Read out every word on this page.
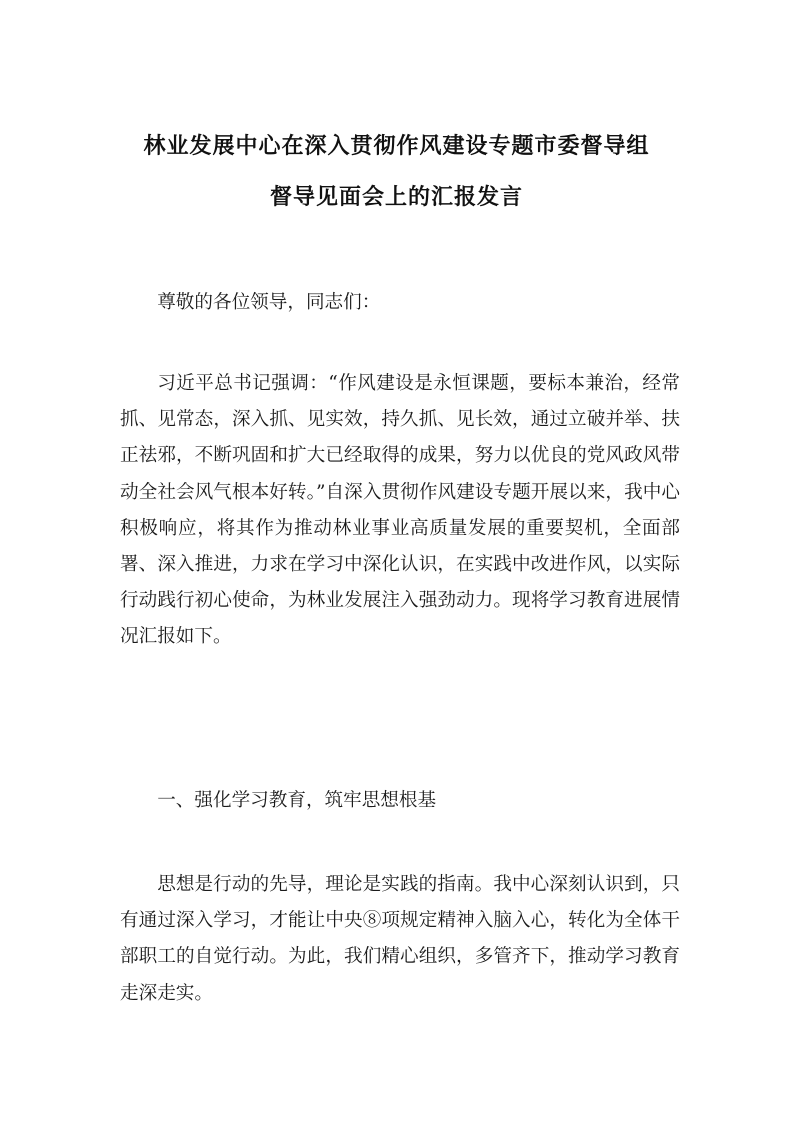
林业发展中心在深入贯彻作风建设专题市委督导组
督导见面会上的汇报发言

尊敬的各位领导，同志们：

习近平总书记强调：“作风建设是永恒课题，要标本兼治，经常抓、见常态，深入抓、见实效，持久抓、见长效，通过立破并举、扶正祛邪，不断巩固和扩大已经取得的成果，努力以优良的党风政风带动全社会风气根本好转。”自深入贯彻作风建设专题开展以来，我中心积极响应，将其作为推动林业事业高质量发展的重要契机，全面部署、深入推进，力求在学习中深化认识，在实践中改进作风，以实际行动践行初心使命，为林业发展注入强劲动力。现将学习教育进展情况汇报如下。

一、强化学习教育，筑牢思想根基

思想是行动的先导，理论是实践的指南。我中心深刻认识到，只有通过深入学习，才能让中央⑧项规定精神入脑入心，转化为全体干部职工的自觉行动。为此，我们精心组织，多管齐下，推动学习教育走深走实。
